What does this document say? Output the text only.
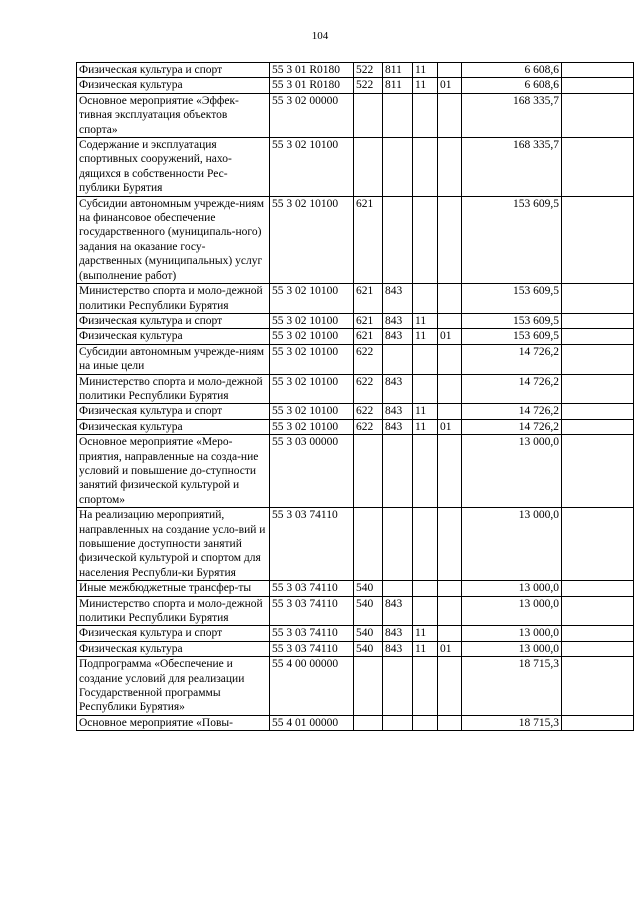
104
Физическая культура и спорт	55 3 01 R0180	522	811	11		6 608,6	
Физическая культура	55 3 01 R0180	522	811	11	01	6 608,6	
Основное мероприятие «Эффек-тивная эксплуатация объектов спорта»	55 3 02 00000					168 335,7	
Содержание и эксплуатация спортивных сооружений, нахо-дящихся в собственности Рес-публики Бурятия	55 3 02 10100					168 335,7	
Субсидии автономным учрежде-ниям на финансовое обеспечение государственного (муниципаль-ного) задания на оказание госу-дарственных (муниципальных) услуг (выполнение работ)	55 3 02 10100	621				153 609,5	
Министерство спорта и моло-дежной политики Республики Бурятия	55 3 02 10100	621	843			153 609,5	
Физическая культура и спорт	55 3 02 10100	621	843	11		153 609,5	
Физическая культура	55 3 02 10100	621	843	11	01	153 609,5	
Субсидии автономным учрежде-ниям на иные цели	55 3 02 10100	622				14 726,2	
Министерство спорта и моло-дежной политики Республики Бурятия	55 3 02 10100	622	843			14 726,2	
Физическая культура и спорт	55 3 02 10100	622	843	11		14 726,2	
Физическая культура	55 3 02 10100	622	843	11	01	14 726,2	
Основное мероприятие «Меро-приятия, направленные на созда-ние условий и повышение до-ступности занятий физической культурой и спортом»	55 3 03 00000					13 000,0	
На реализацию мероприятий, направленных на создание усло-вий и повышение доступности занятий физической культурой и спортом для населения Республи-ки Бурятия	55 3 03 74110					13 000,0	
Иные межбюджетные трансфер-ты	55 3 03 74110	540				13 000,0	
Министерство спорта и моло-дежной политики Республики Бурятия	55 3 03 74110	540	843			13 000,0	
Физическая культура и спорт	55 3 03 74110	540	843	11		13 000,0	
Физическая культура	55 3 03 74110	540	843	11	01	13 000,0	
Подпрограмма «Обеспечение и создание условий для реализации Государственной программы Республики Бурятия»	55 4 00 00000					18 715,3	
Основное мероприятие «Повы-	55 4 01 00000					18 715,3	
